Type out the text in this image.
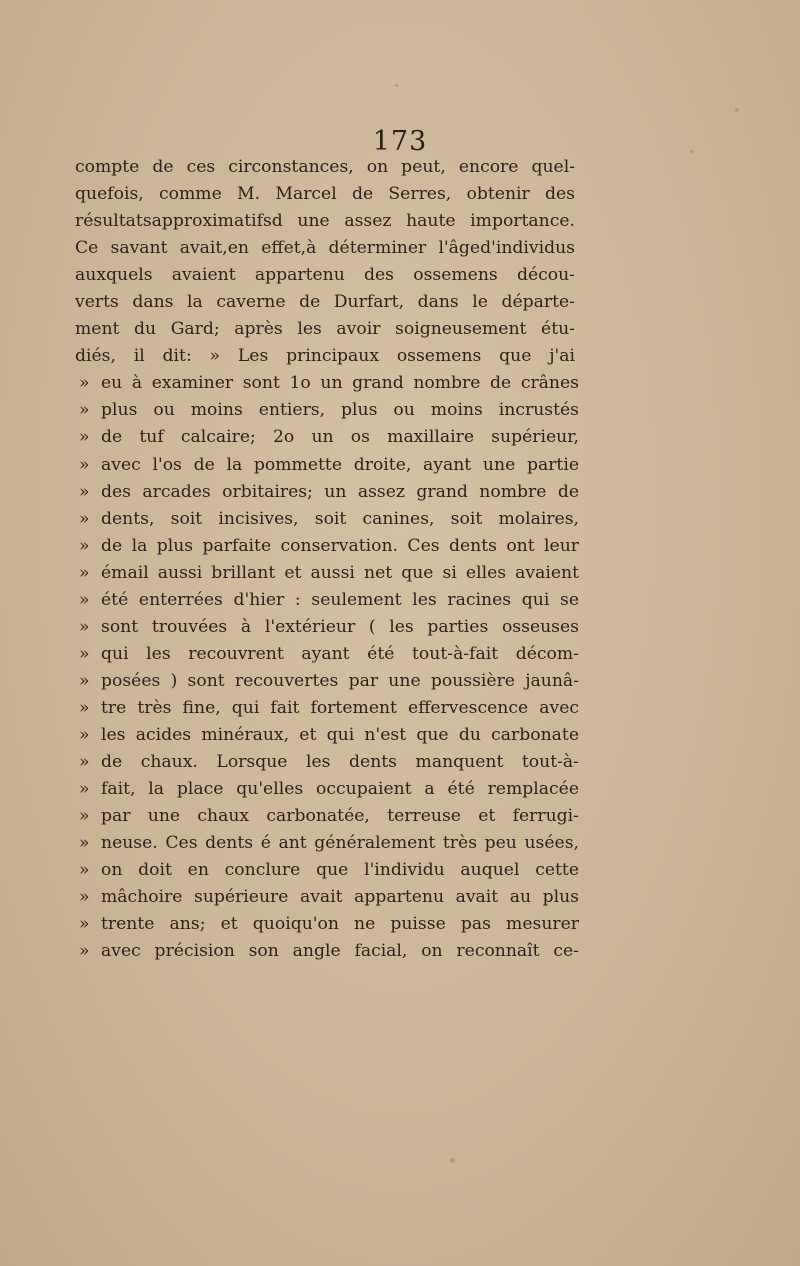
173
compte de ces circonstances, on peut, encore quel-
quefois, comme M. Marcel de Serres, obtenir des
résultatsapproximatifsd une assez haute importance.
Ce savant avait,en effet,à déterminer l'âged'individus
auxquels avaient appartenu des ossemens décou-
verts dans la caverne de Durfart, dans le départe-
ment du Gard; après les avoir soigneusement étu-
diés, il dit: » Les principaux ossemens que j'ai
» eu à examiner sont 1o un grand nombre de crânes
» plus ou moins entiers, plus ou moins incrustés
» de tuf calcaire; 2o un os maxillaire supérieur,
» avec l'os de la pommette droite, ayant une partie
» des arcades orbitaires; un assez grand nombre de
» dents, soit incisives, soit canines, soit molaires,
» de la plus parfaite conservation. Ces dents ont leur
» émail aussi brillant et aussi net que si elles avaient
» été enterrées d'hier : seulement les racines qui se
» sont trouvées à l'extérieur ( les parties osseuses
» qui les recouvrent ayant été tout-à-fait décom-
» posées ) sont recouvertes par une poussière jaunâ-
» tre très fine, qui fait fortement effervescence avec
» les acides minéraux, et qui n'est que du carbonate
» de chaux. Lorsque les dents manquent tout-à-
» fait, la place qu'elles occupaient a été remplacée
» par une chaux carbonatée, terreuse et ferrugi-
» neuse. Ces dents é ant généralement très peu usées,
» on doit en conclure que l'individu auquel cette
» mâchoire supérieure avait appartenu avait au plus
» trente ans; et quoiqu'on ne puisse pas mesurer
» avec précision son angle facial, on reconnaît ce-
